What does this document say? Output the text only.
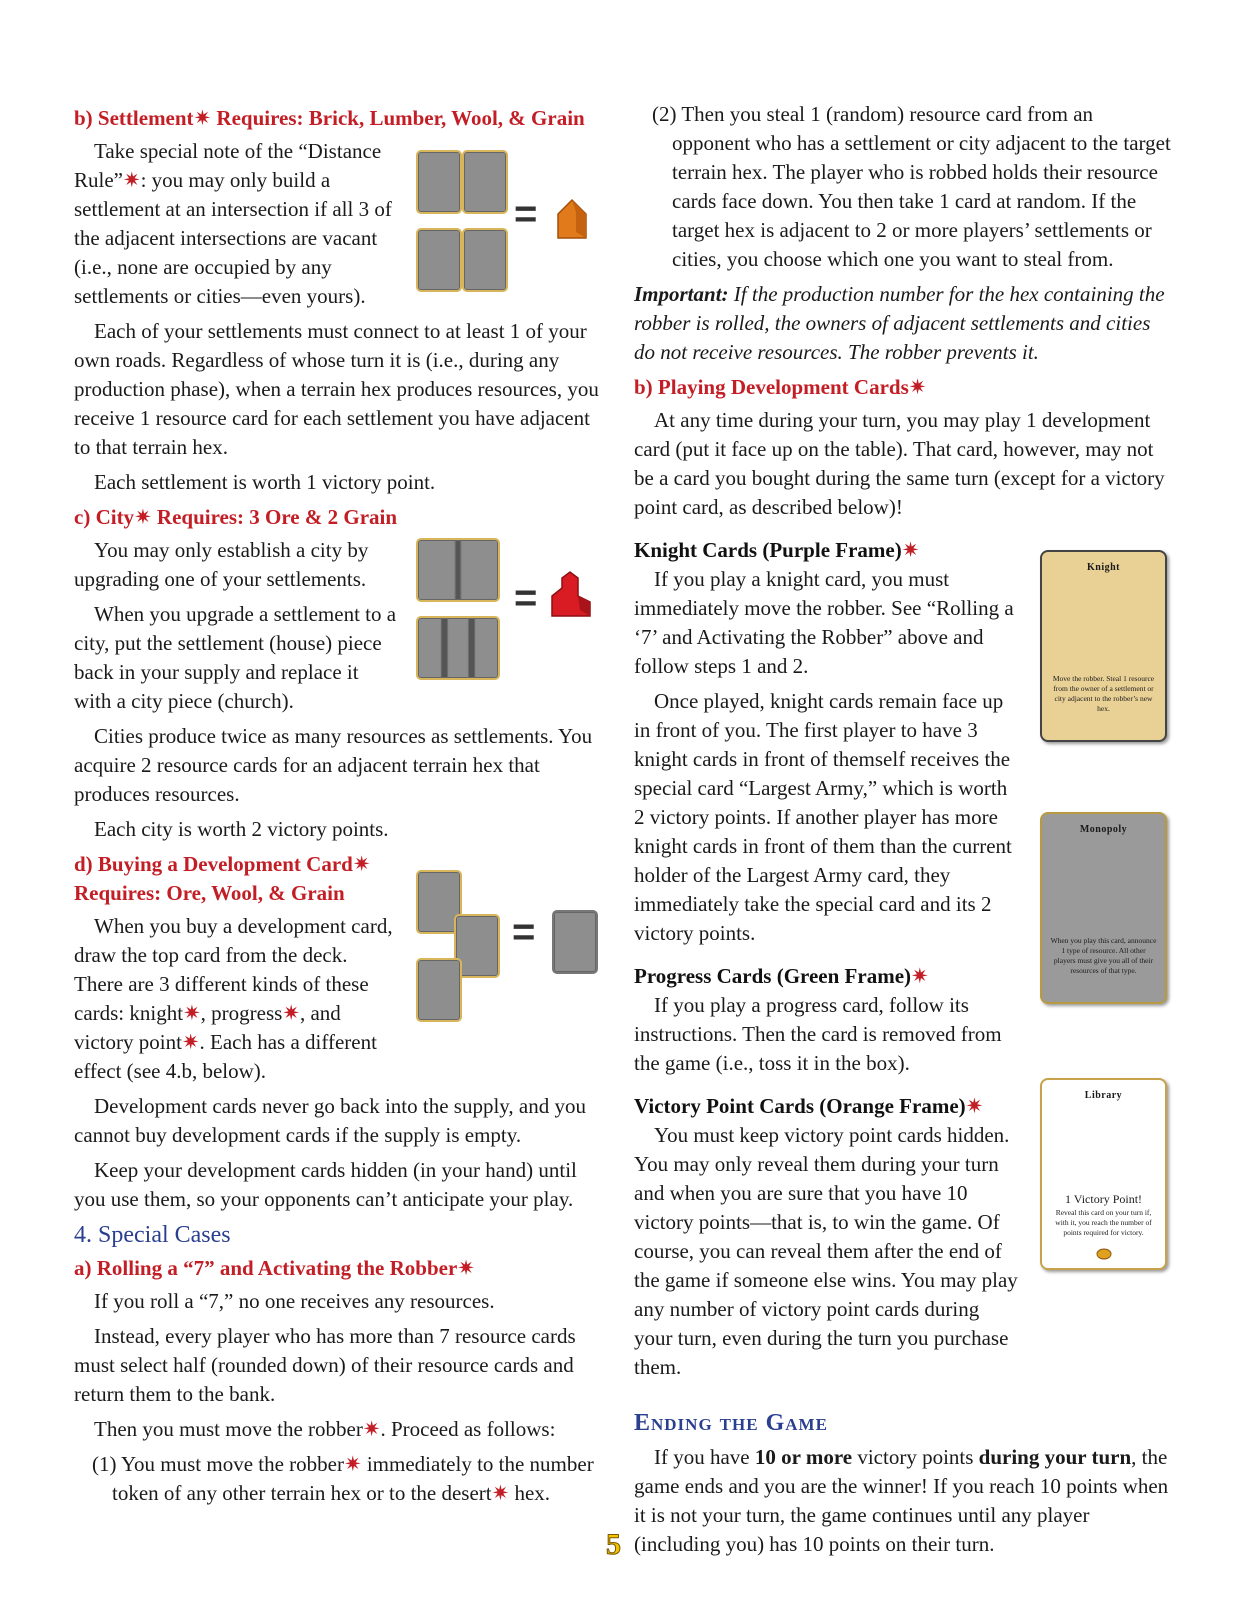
b) Settlement✷ Requires: Brick, Lumber, Wool, & Grain

Take special note of the “Distance Rule”✷: you may only build a settlement at an intersection if all 3 of the adjacent intersections are vacant (i.e., none are occupied by any settlements or cities—even yours).

Each of your settlements must connect to at least 1 of your own roads. Regardless of whose turn it is (i.e., during any production phase), when a terrain hex produces resources, you receive 1 resource card for each settlement you have adjacent to that terrain hex.

Each settlement is worth 1 victory point.

c) City✷ Requires: 3 Ore & 2 Grain

You may only establish a city by upgrading one of your settlements.

When you upgrade a settlement to a city, put the settlement (house) piece back in your supply and replace it with a city piece (church).

Cities produce twice as many resources as settlements. You acquire 2 resource cards for an adjacent terrain hex that produces resources.

Each city is worth 2 victory points.

d) Buying a Development Card✷
Requires: Ore, Wool, & Grain

When you buy a development card, draw the top card from the deck. There are 3 different kinds of these cards: knight✷, progress✷, and victory point✷. Each has a different effect (see 4.b, below).

Development cards never go back into the supply, and you cannot buy development cards if the supply is empty.

Keep your development cards hidden (in your hand) until you use them, so your opponents can’t anticipate your play.

4. Special Cases
a) Rolling a “7” and Activating the Robber✷

If you roll a “7,” no one receives any resources.

Instead, every player who has more than 7 resource cards must select half (rounded down) of their resource cards and return them to the bank.

Then you must move the robber✷. Proceed as follows:

(1) You must move the robber✷ immediately to the number token of any other terrain hex or to the desert✷ hex.
=
=
=
(2) Then you steal 1 (random) resource card from an opponent who has a settlement or city adjacent to the target terrain hex. The player who is robbed holds their resource cards face down. You then take 1 card at random. If the target hex is adjacent to 2 or more players’ settlements or cities, you choose which one you want to steal from.
Important: If the production number for the hex containing the robber is rolled, the owners of adjacent settlements and cities do not receive resources. The robber prevents it.
b) Playing Development Cards✷

At any time during your turn, you may play 1 development card (put it face up on the table). That card, however, may not be a card you bought during the same turn (except for a victory point card, as described below)!

Knight Cards (Purple Frame)✷

If you play a knight card, you must immediately move the robber. See “Rolling a ‘7’ and Activating the Robber” above and follow steps 1 and 2.

Once played, knight cards remain face up in front of you. The first player to have 3 knight cards in front of themself receives the special card “Largest Army,” which is worth 2 victory points. If another player has more knight cards in front of them than the current holder of the Largest Army card, they immediately take the special card and its 2 victory points.

Progress Cards (Green Frame)✷

If you play a progress card, follow its instructions. Then the card is removed from the game (i.e., toss it in the box).

Victory Point Cards (Orange Frame)✷

You must keep victory point cards hidden. You may only reveal them during your turn and when you are sure that you have 10 victory points—that is, to win the game. Of course, you can reveal them after the end of the game if someone else wins. You may play any number of victory point cards during your turn, even during the turn you purchase them.

Ending the Game

If you have 10 or more victory points during your turn, the game ends and you are the winner! If you reach 10 points when it is not your turn, the game continues until any player (including you) has 10 points on their turn.

Knight
Move the robber. Steal 1 resource from the owner of a settlement or city adjacent to the robber’s new hex.
Monopoly
When you play this card, announce 1 type of resource. All other players must give you all of their resources of that type.
Library
1 Victory Point!
Reveal this card on your turn if, with it, you reach the number of points required for victory.
5
